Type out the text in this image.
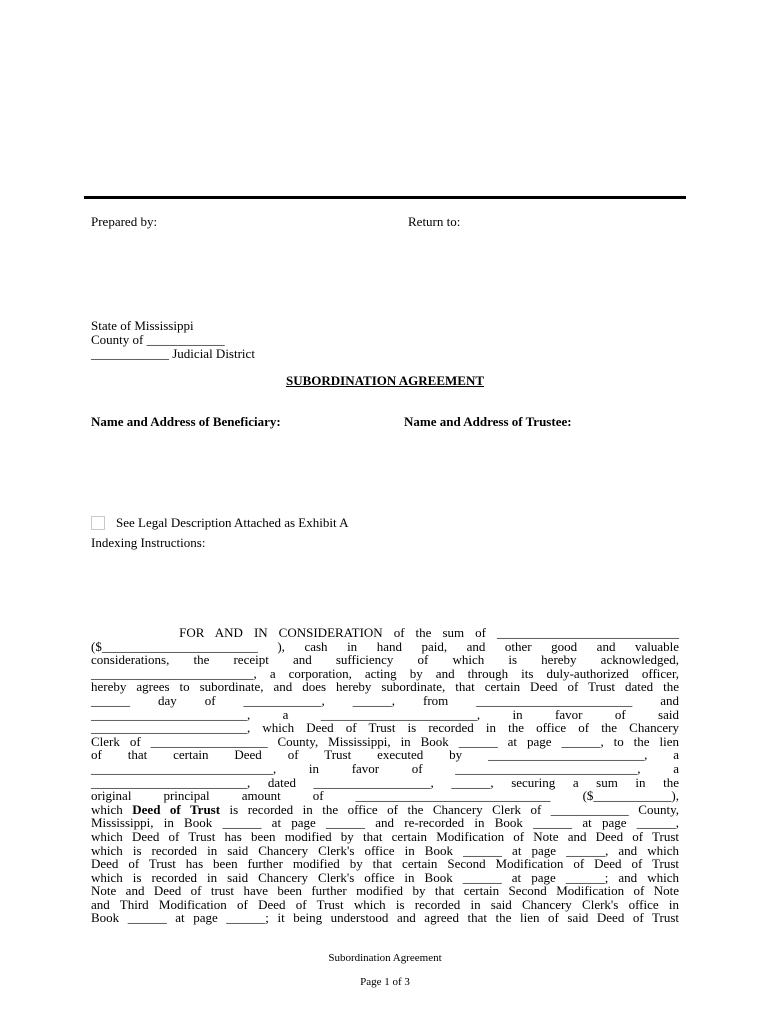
Prepared by:	Return to:
State of Mississippi
County of ____________
____________ Judicial District
SUBORDINATION AGREEMENT
Name and Address of Beneficiary:	Name and Address of Trustee:
See Legal Description Attached as Exhibit A
Indexing Instructions:
FOR AND IN CONSIDERATION of the sum of ____________________________
($________________________ ), cash in hand paid, and other good and valuable
considerations, the receipt and sufficiency of which is hereby acknowledged,
_________________________, a corporation, acting by and through its duly-authorized officer,
hereby agrees to subordinate, and does hereby subordinate, that certain Deed of Trust dated the
______ day of ____________, ______, from ________________________ and
________________________, a ________________________, in favor of said
________________________, which Deed of Trust is recorded in the office of the Chancery
Clerk of __________________ County, Mississippi, in Book ______ at page ______, to the lien
of that certain Deed of Trust executed by ________________________, a
____________________________, in favor of ____________________________, a
________________________, dated __________________, ______, securing a sum in the
original principal amount of ______________________________ ($____________),
which Deed of Trust is recorded in the office of the Chancery Clerk of ____________ County,
Mississippi, in Book ______ at page ______ and re-recorded in Book ______ at page ______,
which Deed of Trust has been modified by that certain Modification of Note and Deed of Trust
which is recorded in said Chancery Clerk's office in Book ______ at page ______, and which
Deed of Trust has been further modified by that certain Second Modification of Deed of Trust
which is recorded in said Chancery Clerk's office in Book ______ at page ______; and which
Note and Deed of trust have been further modified by that certain Second Modification of Note
and Third Modification of Deed of Trust which is recorded in said Chancery Clerk's office in
Book ______ at page ______; it being understood and agreed that the lien of said Deed of Trust
Subordination Agreement
Page 1 of 3
